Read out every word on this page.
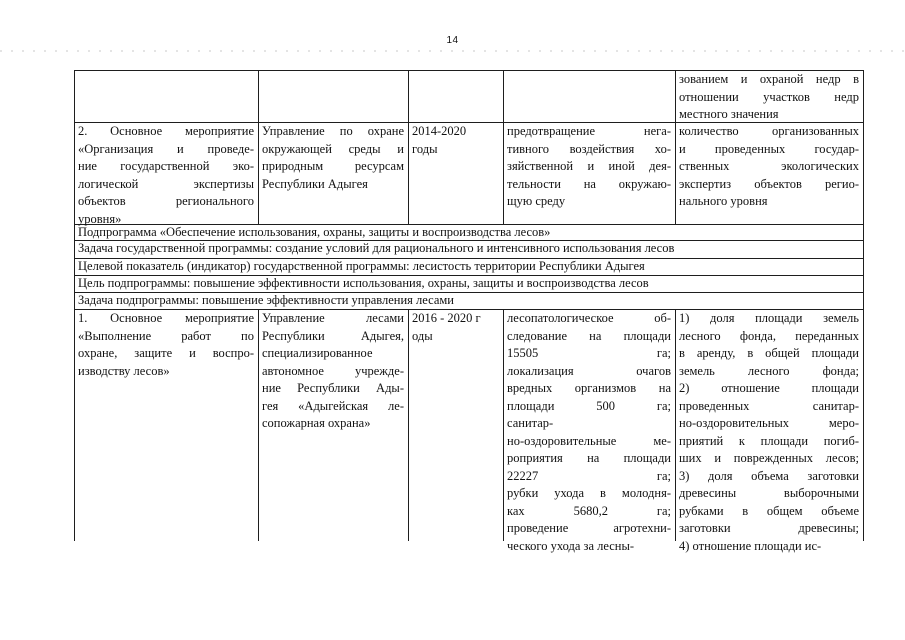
14
зованием и охраной недр в
отношении участков недр
местного значения
2. Основное мероприятие
«Организация и проведе-
ние государственной эко-
логической экспертизы
объектов регионального
уровня»
Управление по охране
окружающей среды и
природным ресурсам
Республики Адыгея
2014-2020
годы
предотвращение нега-
тивного воздействия хо-
зяйственной и иной дея-
тельности на окружаю-
щую среду
количество организованных
и проведенных государ-
ственных экологических
экспертиз объектов регио-
нального уровня
Подпрограмма «Обеспечение использования, охраны, защиты и воспроизводства лесов»
Задача государственной программы: создание условий для рационального и интенсивного использования лесов
Целевой показатель (индикатор) государственной программы: лесистость территории Республики Адыгея
Цель подпрограммы: повышение эффективности использования, охраны, защиты и воспроизводства лесов
Задача подпрограммы: повышение эффективности управления лесами
1. Основное мероприятие
«Выполнение работ по
охране, защите и воспро-
изводству лесов»
Управление лесами
Республики Адыгея,
специализированное
автономное учрежде-
ние Республики Ады-
гея «Адыгейская ле-
сопожарная охрана»
2016 - 2020 г
оды
лесопатологическое об-
следование на площади
15505 га;
локализация очагов
вредных организмов на
площади 500 га;
санитар-
но-оздоровительные ме-
роприятия на площади
22227 га;
рубки ухода в молодня-
ках 5680,2 га;
проведение агротехни-
ческого ухода за лесны-
1) доля площади земель
лесного фонда, переданных
в аренду, в общей площади
земель лесного фонда;
2) отношение площади
проведенных санитар-
но-оздоровительных меро-
приятий к площади погиб-
ших и поврежденных лесов;
3) доля объема заготовки
древесины выборочными
рубками в общем объеме
заготовки древесины;
4) отношение площади ис-
